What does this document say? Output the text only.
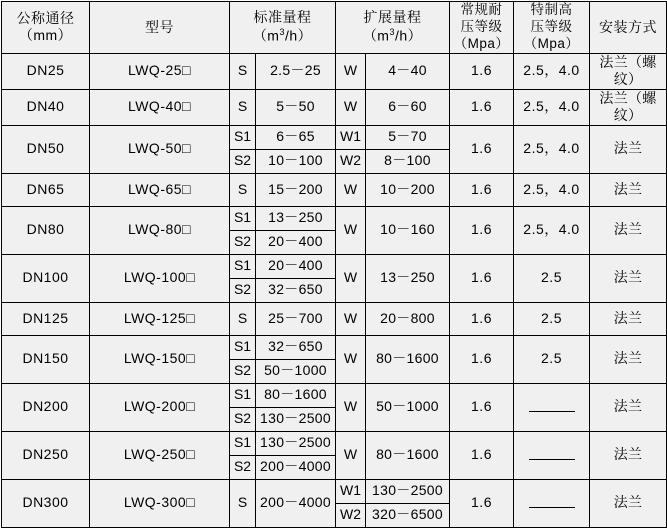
公称通径
（mm）	型号	标准量程
$(m^3/h)$		扩展量程
$(m^3/h)$		常规耐
压等级
（Mpa）	特制高
压等级
（Mpa）	安装方式

DN25	LWQ-25□	S	2.5－25	W	4－40	1.6	2.5，4.0	法兰（螺纹）
DN40	LWQ-40□	S	5－50	W	6－60	1.6	2.5，4.0	法兰（螺纹）
DN50	LWQ-50□	S1	6－65	W1	5－70	1.6	2.5，4.0	法兰
		S2	10－100	W2	8－100			
DN65	LWQ-65□	S	15－200	W	10－200	1.6	2.5，4.0	法兰
DN80	LWQ-80□	S1	13－250	W	10－160	1.6	2.5，4.0	法兰
		S2	20－400					
DN100	LWQ-100□	S1	20－400	W	13－250	1.6	2.5	法兰
		S2	32－650					
DN125	LWQ-125□	S	25－700	W	20－800	1.6	2.5	法兰
DN150	LWQ-150□	S1	32－650	W	80－1600	1.6	2.5	法兰
		S2	50－1000					
DN200	LWQ-200□	S1	80－1600	W	50－1000	1.6		法兰
		S2	130－2500					
DN250	LWQ-250□	S1	130－2500	W	80－1600	1.6		法兰
		S2	200－4000					
DN300	LWQ-300□	S	200－4000	W1	130－2500	1.6		法兰
				W2	320－6500			
